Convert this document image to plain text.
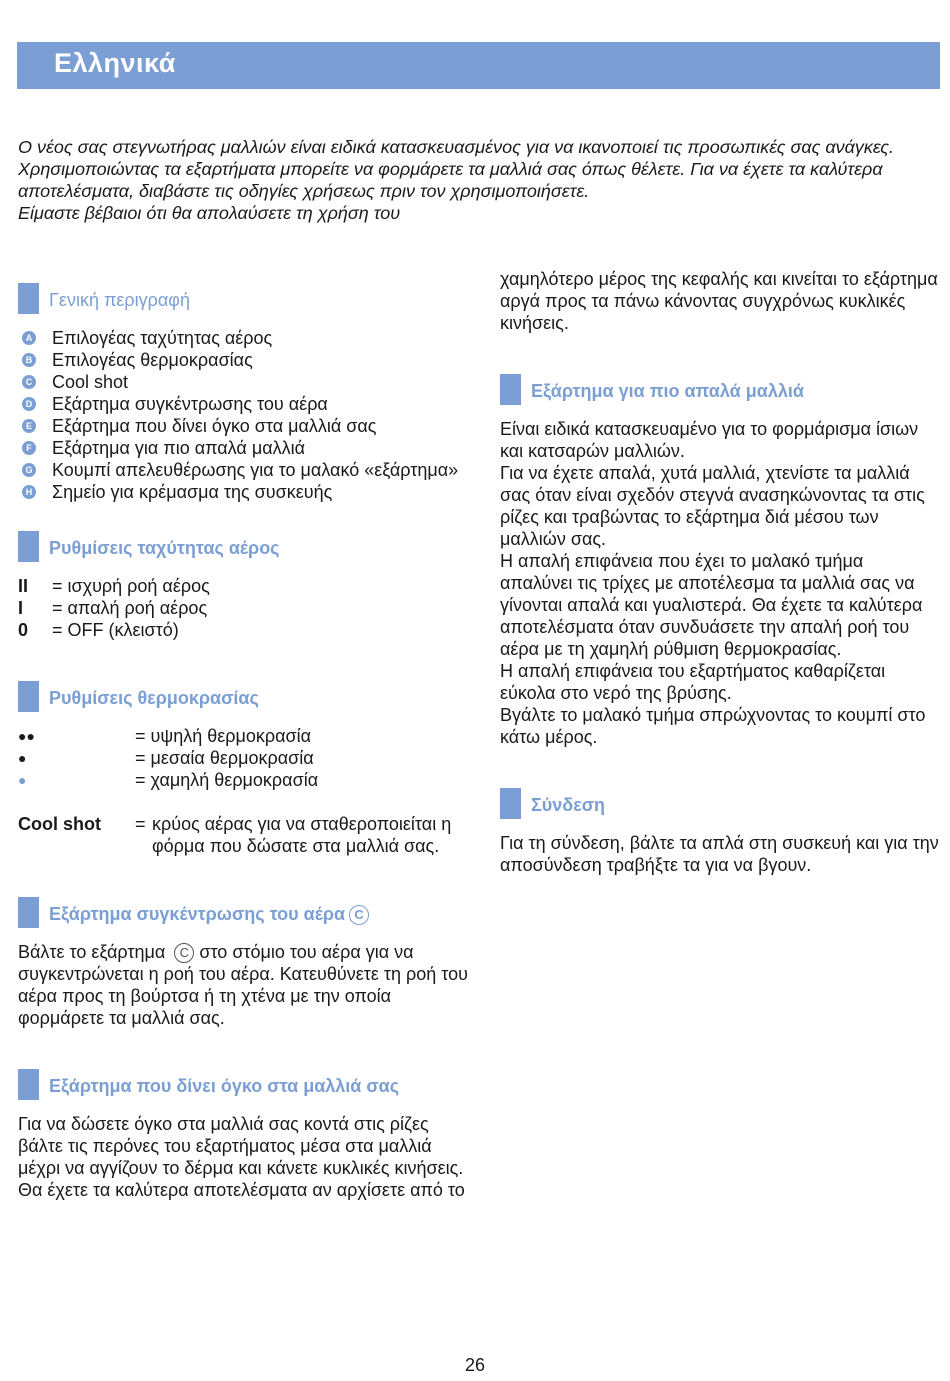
Ελληνικά

Ο νέος σας στεγνωτήρας μαλλιών είναι ειδικά κατασκευασμένος για να ικανοποιεί τις προσωπικές σας ανάγκες. Χρησιμοποιώντας τα εξαρτήματα μπορείτε να φορμάρετε τα μαλλιά σας όπως θέλετε. Για να έχετε τα καλύτερα αποτελέσματα, διαβάστε τις οδηγίες χρήσεως πριν τον χρησιμοποιήσετε.

Είμαστε βέβαιοι ότι θα απολαύσετε τη χρήση του

Γενική περιγραφή
A Επιλογέας ταχύτητας αέρος
B Επιλογέας θερμοκρασίας
C Cool shot
D Εξάρτημα συγκέντρωσης του αέρα
E Εξάρτημα που δίνει όγκο στα μαλλιά σας
F Εξάρτημα για πιο απαλά μαλλιά
G Κουμπί απελευθέρωσης για το μαλακό «εξάρτημα»
H Σημείο για κρέμασμα της συσκευής
Ρυθμίσεις ταχύτητας αέρος
II	= ισχυρή ροή αέρος
I	= απαλή ροή αέρος
0	= OFF (κλειστό)
Ρυθμίσεις θερμοκρασίας
●●	= υψηλή θερμοκρασία
●	= μεσαία θερμοκρασία
●	= χαμηλή θερμοκρασία
Cool shot = κρύος αέρας για να σταθεροποιείται η φόρμα που δώσατε στα μαλλιά σας.
Εξάρτημα συγκέντρωσης του αέρα C

Βάλτε το εξάρτημα C στο στόμιο του αέρα για να συγκεντρώνεται η ροή του αέρα. Κατευθύνετε τη ροή του αέρα προς τη βούρτσα ή τη χτένα με την οποία φορμάρετε τα μαλλιά σας.

Εξάρτημα που δίνει όγκο στα μαλλιά σας

Για να δώσετε όγκο στα μαλλιά σας κοντά στις ρίζες βάλτε τις περόνες του εξαρτήματος μέσα στα μαλλιά μέχρι να αγγίζουν το δέρμα και κάνετε κυκλικές κινήσεις. Θα έχετε τα καλύτερα αποτελέσματα αν αρχίσετε από το

χαμηλότερο μέρος της κεφαλής και κινείται το εξάρτημα αργά προς τα πάνω κάνοντας συγχρόνως κυκλικές κινήσεις.

Εξάρτημα για πιο απαλά μαλλιά

Είναι ειδικά κατασκευαμένο για το φορμάρισμα ίσιων και κατσαρών μαλλιών.

Για να έχετε απαλά, χυτά μαλλιά, χτενίστε τα μαλλιά σας όταν είναι σχεδόν στεγνά ανασηκώνοντας τα στις ρίζες και τραβώντας το εξάρτημα διά μέσου των μαλλιών σας.

Η απαλή επιφάνεια που έχει το μαλακό τμήμα απαλύνει τις τρίχες με αποτέλεσμα τα μαλλιά σας να γίνονται απαλά και γυαλιστερά. Θα έχετε τα καλύτερα αποτελέσματα όταν συνδυάσετε την απαλή ροή του αέρα με τη χαμηλή ρύθμιση θερμοκρασίας.

Η απαλή επιφάνεια του εξαρτήματος καθαρίζεται εύκολα στο νερό της βρύσης.

Βγάλτε το μαλακό τμήμα σπρώχνοντας το κουμπί στο κάτω μέρος.

Σύνδεση

Για τη σύνδεση, βάλτε τα απλά στη συσκευή και για την αποσύνδεση τραβήξτε τα για να βγουν.

26
